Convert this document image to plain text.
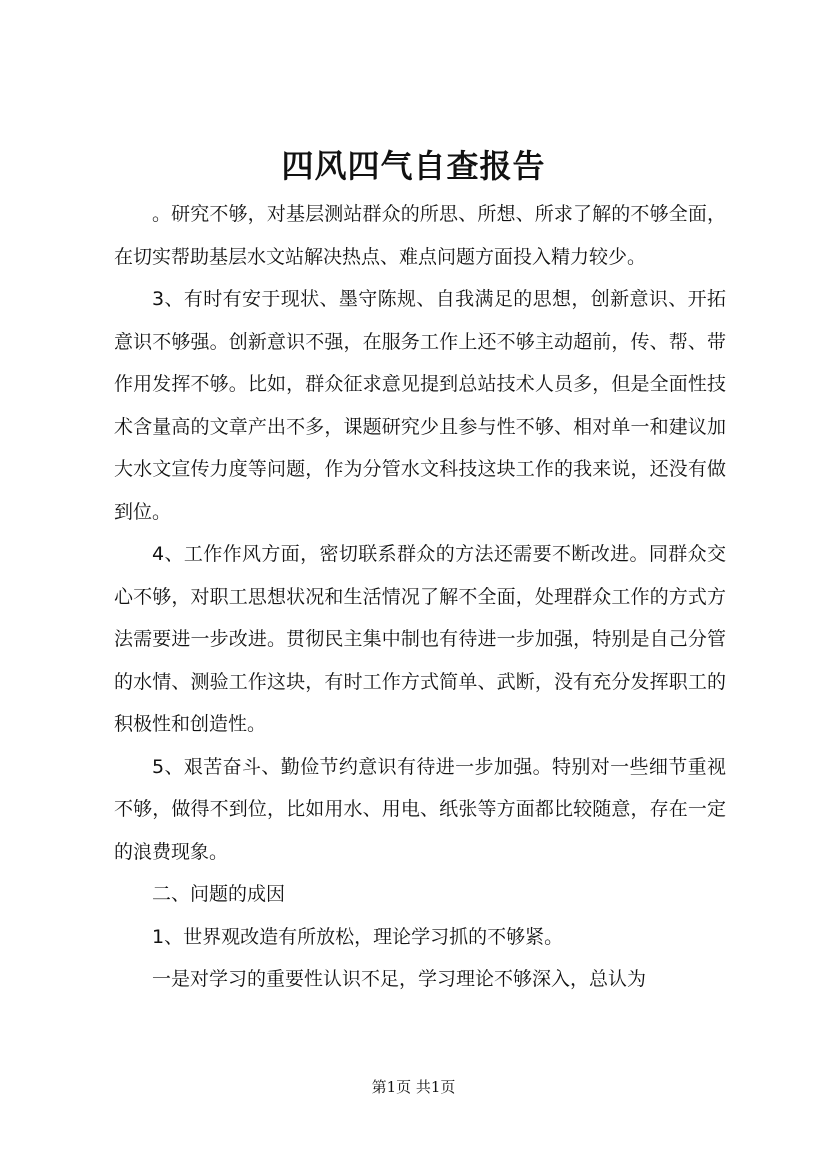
四风四气自查报告

。研究不够，对基层测站群众的所思、所想、所求了解的不够全面，在切实帮助基层水文站解决热点、难点问题方面投入精力较少。

3、有时有安于现状、墨守陈规、自我满足的思想，创新意识、开拓意识不够强。创新意识不强，在服务工作上还不够主动超前，传、帮、带作用发挥不够。比如，群众征求意见提到总站技术人员多，但是全面性技术含量高的文章产出不多，课题研究少且参与性不够、相对单一和建议加大水文宣传力度等问题，作为分管水文科技这块工作的我来说，还没有做到位。

4、工作作风方面，密切联系群众的方法还需要不断改进。同群众交心不够，对职工思想状况和生活情况了解不全面，处理群众工作的方式方法需要进一步改进。贯彻民主集中制也有待进一步加强，特别是自己分管的水情、测验工作这块，有时工作方式简单、武断，没有充分发挥职工的积极性和创造性。

5、艰苦奋斗、勤俭节约意识有待进一步加强。特别对一些细节重视不够，做得不到位，比如用水、用电、纸张等方面都比较随意，存在一定的浪费现象。

二、问题的成因

1、世界观改造有所放松，理论学习抓的不够紧。

一是对学习的重要性认识不足，学习理论不够深入，总认为

第1页 共1页
